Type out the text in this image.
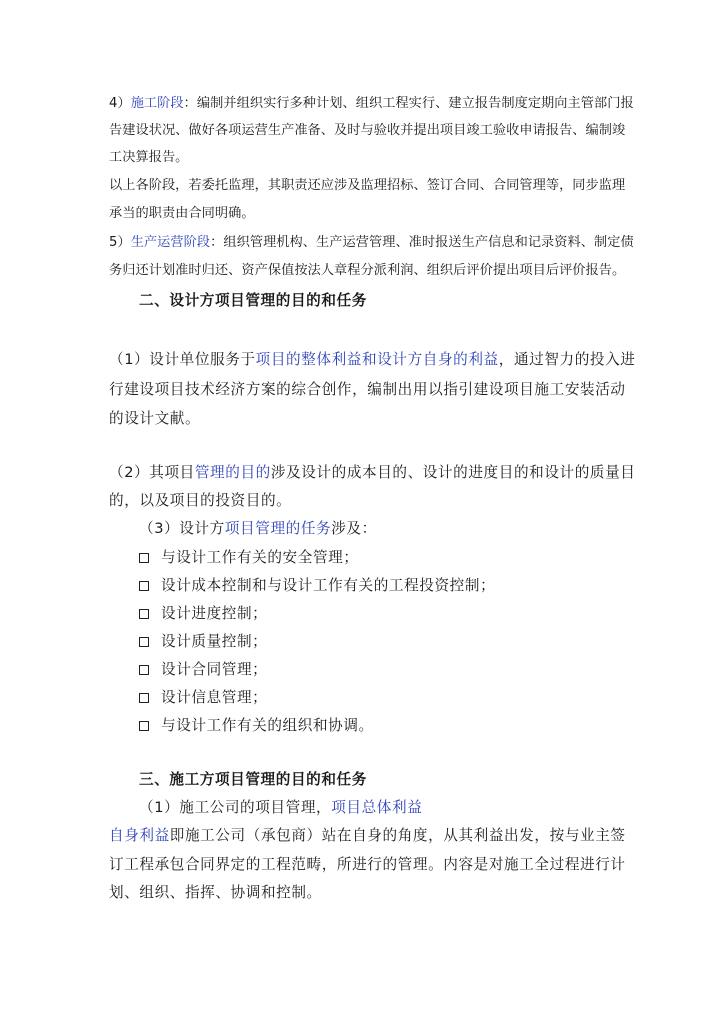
4）施工阶段：编制并组织实行多种计划、组织工程实行、建立报告制度定期向主管部门报
告建设状况、做好各项运营生产准备、及时与验收并提出项目竣工验收申请报告、编制竣
工决算报告。
以上各阶段，若委托监理，其职责还应涉及监理招标、签订合同、合同管理等，同步监理
承当的职责由合同明确。
5）生产运营阶段：组织管理机构、生产运营管理、准时报送生产信息和记录资料、制定债
务归还计划准时归还、资产保值按法人章程分派利润、组织后评价提出项目后评价报告。
二、设计方项目管理的目的和任务
（1）设计单位服务于项目的整体利益和设计方自身的利益，通过智力的投入进
行建设项目技术经济方案的综合创作，编制出用以指引建设项目施工安装活动
的设计文献。
（2）其项目管理的目的涉及设计的成本目的、设计的进度目的和设计的质量目
的，以及项目的投资目的。
（3）设计方项目管理的任务涉及：
与设计工作有关的安全管理；
设计成本控制和与设计工作有关的工程投资控制；
设计进度控制；
设计质量控制；
设计合同管理；
设计信息管理；
与设计工作有关的组织和协调。
三、施工方项目管理的目的和任务
（1）施工公司的项目管理，项目总体利益
自身利益即施工公司（承包商）站在自身的角度，从其利益出发，按与业主签
订工程承包合同界定的工程范畴，所进行的管理。内容是对施工全过程进行计
划、组织、指挥、协调和控制。
